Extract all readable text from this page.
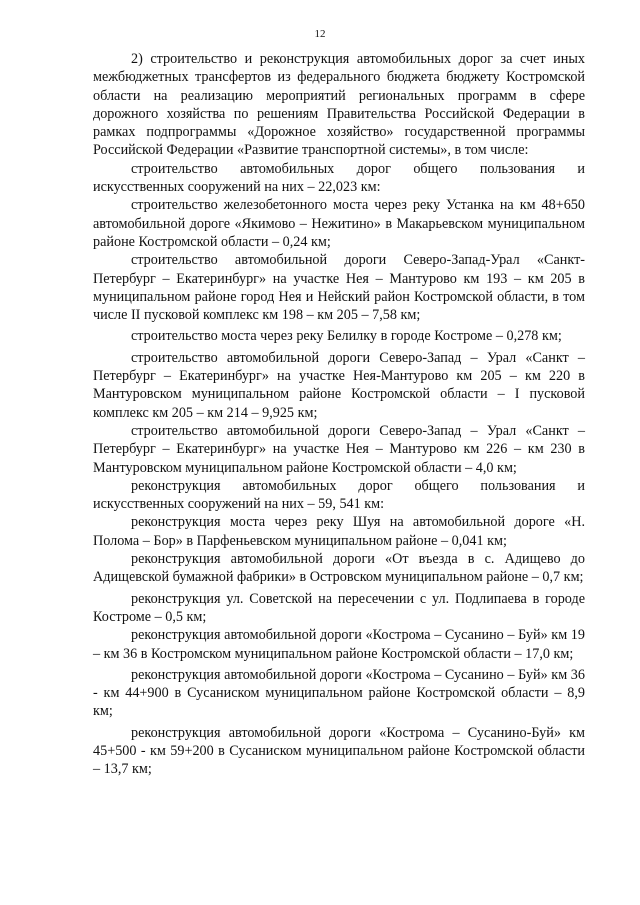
12

2) строительство и реконструкция автомобильных дорог за счет иных межбюджетных трансфертов из федерального бюджета бюджету Костромской области на реализацию мероприятий региональных программ в сфере дорожного хозяйства по решениям Правительства Российской Федерации в рамках подпрограммы «Дорожное хозяйство» государственной программы Российской Федерации «Развитие транспортной системы», в том числе:

строительство автомобильных дорог общего пользования и искусственных сооружений на них – 22,023 км:

строительство железобетонного моста через реку Устанка на км 48+650 автомобильной дороге «Якимово – Нежитино» в Макарьевском муниципальном районе Костромской области – 0,24 км;

строительство автомобильной дороги Северо-Запад-Урал «Санкт-Петербург – Екатеринбург» на участке Нея – Мантурово км 193 – км 205 в муниципальном районе город Нея и Нейский район Костромской области, в том числе II пусковой комплекс км 198 – км 205 – 7,58 км;

строительство моста через реку Белилку в городе Костроме – 0,278 км;

строительство автомобильной дороги Северо-Запад – Урал «Санкт – Петербург – Екатеринбург» на участке Нея-Мантурово км 205 – км 220 в Мантуровском муниципальном районе Костромской области – I пусковой комплекс км 205 – км 214 – 9,925 км;

строительство автомобильной дороги Северо-Запад – Урал «Санкт – Петербург – Екатеринбург» на участке Нея – Мантурово км 226 – км 230 в Мантуровском муниципальном районе Костромской области – 4,0 км;

реконструкция автомобильных дорог общего пользования и искусственных сооружений на них – 59, 541 км:

реконструкция моста через реку Шуя на автомобильной дороге «Н. Полома – Бор» в Парфеньевском муниципальном районе – 0,041 км;

реконструкция автомобильной дороги «От въезда в с. Адищево до Адищевской бумажной фабрики» в Островском муниципальном районе – 0,7 км;

реконструкция ул. Советской на пересечении с ул. Подлипаева в городе Костроме – 0,5 км;

реконструкция автомобильной дороги «Кострома – Сусанино – Буй» км 19 – км 36 в Костромском муниципальном районе Костромской области – 17,0 км;

реконструкция автомобильной дороги «Кострома – Сусанино – Буй» км 36 - км 44+900 в Сусаниском муниципальном районе Костромской области – 8,9 км;

реконструкция автомобильной дороги «Кострома – Сусанино-Буй» км 45+500 - км 59+200 в Сусаниском муниципальном районе Костромской области – 13,7 км;
